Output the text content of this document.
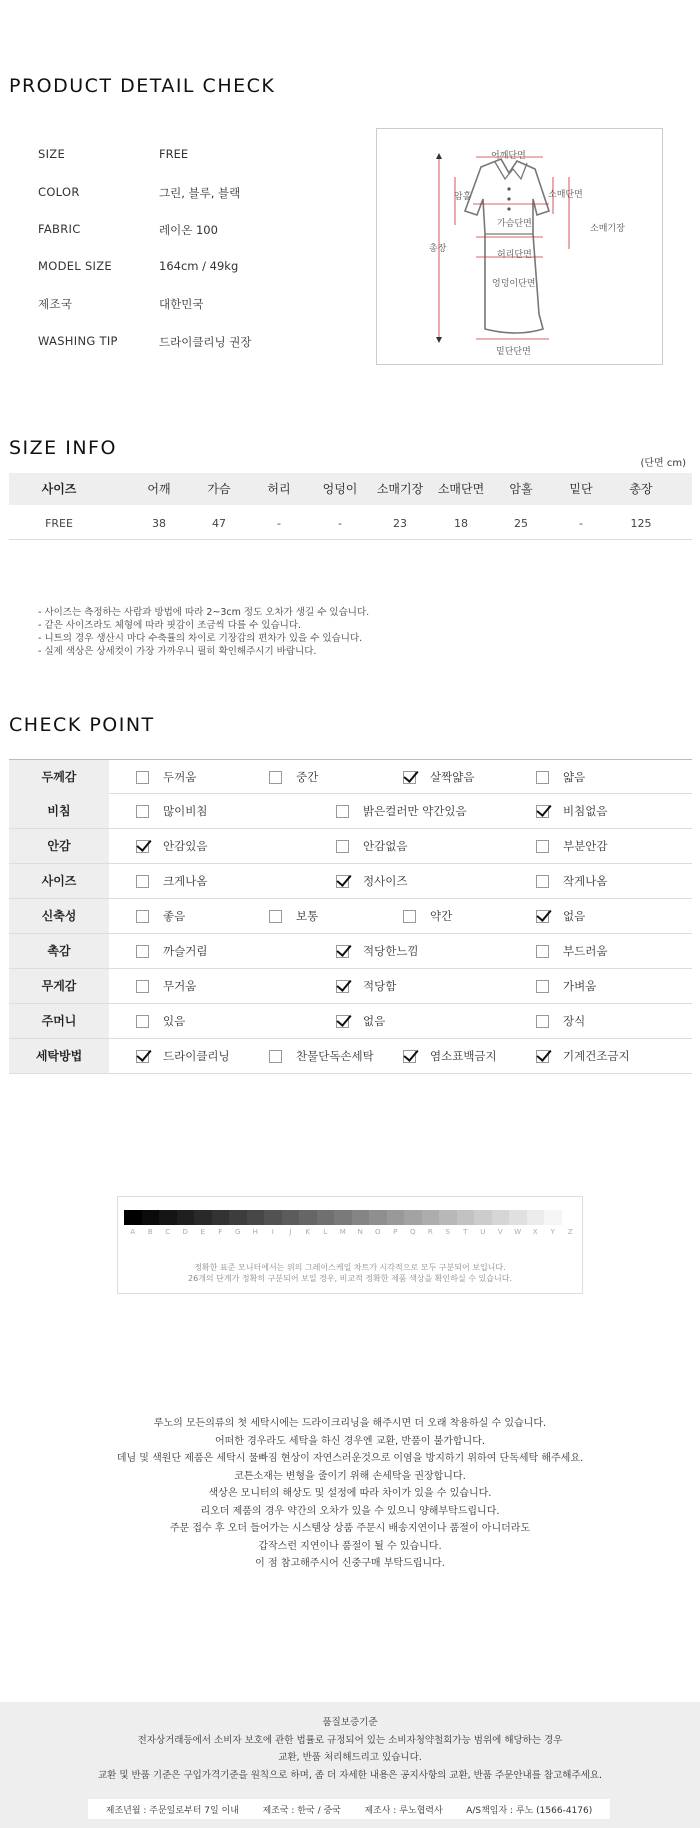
PRODUCT DETAIL CHECK
SIZE	FREE
COLOR	그린, 블루, 블랙
FABRIC	레이온 100
MODEL SIZE	164cm / 49kg
제조국	대한민국
WASHING TIP	드라이클리닝 권장
어깨단면
암홀	소매단면
소매기장
가슴단면
허리단면
엉덩이단면
밑단단면
총장
SIZE INFO
(단면 cm)
사이즈	어깨	가슴	허리	엉덩이	소매기장	소매단면	암홀	밑단	총장
FREE	38	47	-	-	23	18	25	-	125
- 사이즈는 측정하는 사람과 방법에 따라 2~3cm 정도 오차가 생길 수 있습니다.
- 같은 사이즈라도 체형에 따라 핏감이 조금씩 다를 수 있습니다.
- 니트의 경우 생산시 마다 수축률의 차이로 기장감의 편차가 있을 수 있습니다.
- 실제 색상은 상세컷이 가장 가까우니 필히 확인해주시기 바랍니다.
CHECK POINT
두께감	두꺼움	중간	살짝얇음	얇음
비침	많이비침	밝은컬러만 약간있음	비침없음
안감	안감있음	안감없음	부분안감
사이즈	크게나옴	정사이즈	작게나옴
신축성	좋음	보통	약간	없음
촉감	까슬거림	적당한느낌	부드러움
무게감	무거움	적당함	가벼움
주머니	있음	없음	장식
세탁방법	드라이클리닝	찬물단독손세탁	염소표백금지	기계건조금지
A	B	C	D	E	F	G	H	I	J	K	L	M	N	O	P	Q	R	S	T	U	V	W	X	Y	Z
정확한 표준 모니터에서는 위의 그레이스케일 차트가 시각적으로 모두 구분되어 보입니다.
26개의 단계가 정확히 구분되어 보일 경우, 비교적 정확한 제품 색상을 확인하실 수 있습니다.
루노의 모든의류의 첫 세탁시에는 드라이크리닝을 해주시면 더 오래 착용하실 수 있습니다.
어떠한 경우라도 세탁을 하신 경우엔 교환, 반품이 불가합니다.
데님 및 색원단 제품은 세탁시 물빠짐 현상이 자연스러운것으로 이염을 방지하기 위하여 단독세탁 해주세요.
코튼소재는 변형을 줄이기 위해 손세탁을 권장합니다.
색상은 모니터의 해상도 및 설정에 따라 차이가 있을 수 있습니다.
리오더 제품의 경우 약간의 오차가 있을 수 있으니 양해부탁드립니다.
주문 접수 후 오더 들어가는 시스템상 상품 주문시 배송지연이나 품절이 아니더라도
갑작스런 지연이나 품절이 될 수 있습니다.
이 점 참고해주시어 신중구매 부탁드립니다.
품질보증기준
전자상거래등에서 소비자 보호에 관한 법률로 규정되어 있는 소비자청약철회가능 범위에 해당하는 경우
교환, 반품 처리해드리고 있습니다.
교환 및 반품 기준은 구입가격기준을 원칙으로 하며, 좀 더 자세한 내용은 공지사항의 교환, 반품 주문안내를 참고해주세요.
제조년월 : 주문일로부터 7일 이내	제조국 : 한국 / 중국	제조사 : 루노협력사	A/S책임자 : 루노 (1566-4176)
